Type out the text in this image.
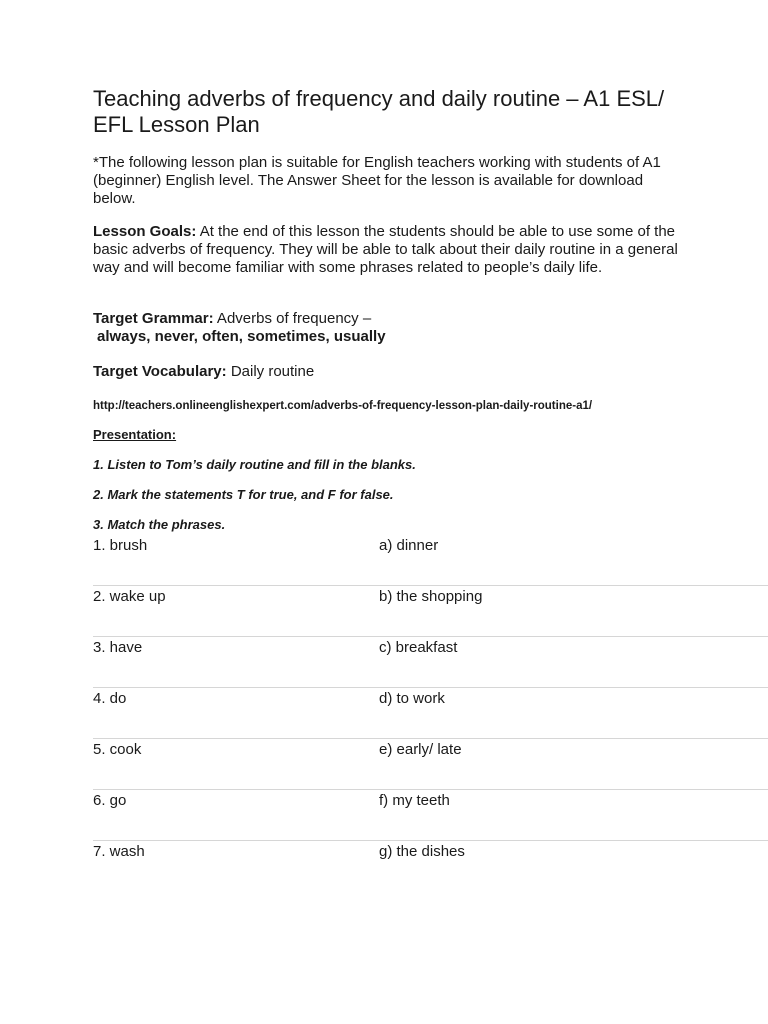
Teaching adverbs of frequency and daily routine – A1 ESL/ EFL Lesson Plan

*The following lesson plan is suitable for English teachers working with students of A1 (beginner) English level. The Answer Sheet for the lesson is available for download below.

Lesson Goals: At the end of this lesson the students should be able to use some of the basic adverbs of frequency. They will be able to talk about their daily routine in a general way and will become familiar with some phrases related to people’s daily life.

Target Grammar: Adverbs of frequency –
always, never, often, sometimes, usually

Target Vocabulary: Daily routine

http://teachers.onlineenglishexpert.com/adverbs-of-frequency-lesson-plan-daily-routine-a1/
Presentation:
1. Listen to Tom’s daily routine and fill in the blanks.
2. Mark the statements T for true, and F for false.
3. Match the phrases.
1. brush	a) dinner
2. wake up	b) the shopping
3. have	c) breakfast
4. do	d) to work
5. cook	e) early/ late
6. go	f) my teeth
7. wash	g) the dishes
